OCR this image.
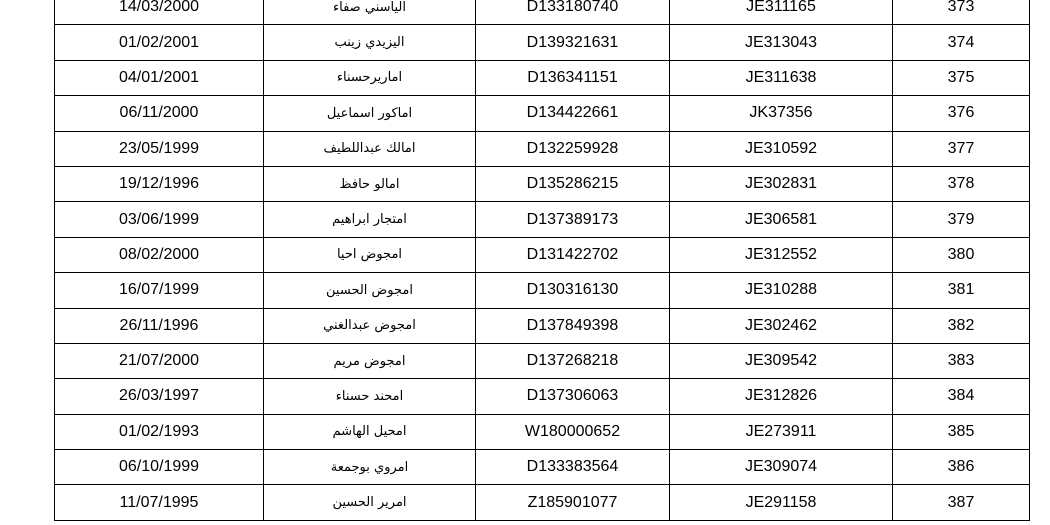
14/03/2000	الياسني صفاء	D133180740	JE311165	373
01/02/2001	اليزيدي زينب	D139321631	JE313043	374
04/01/2001	اماريرحسناء	D136341151	JE311638	375
06/11/2000	اماكور اسماعيل	D134422661	JK37356	376
23/05/1999	امالك عبداللطيف	D132259928	JE310592	377
19/12/1996	امالو حافظ	D135286215	JE302831	378
03/06/1999	امتجار ابراهيم	D137389173	JE306581	379
08/02/2000	امجوض احيا	D131422702	JE312552	380
16/07/1999	امجوض الحسين	D130316130	JE310288	381
26/11/1996	امجوض عبدالغني	D137849398	JE302462	382
21/07/2000	امجوض مريم	D137268218	JE309542	383
26/03/1997	امحند حسناء	D137306063	JE312826	384
01/02/1993	امحيل الهاشم	W180000652	JE273911	385
06/10/1999	امروي بوجمعة	D133383564	JE309074	386
11/07/1995	امرير الحسين	Z185901077	JE291158	387
